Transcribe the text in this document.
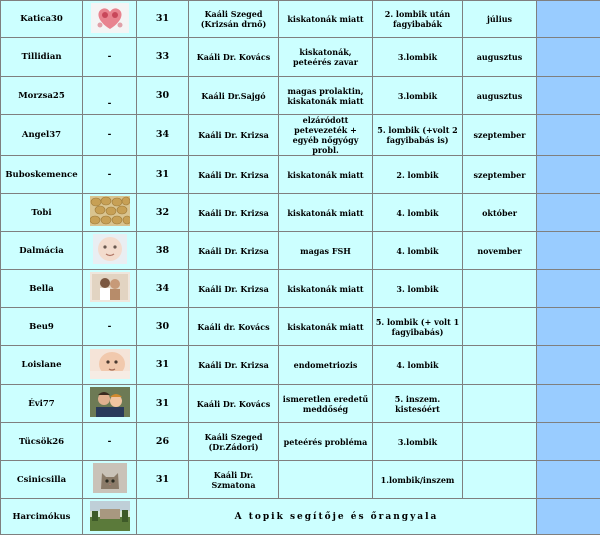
Katica30		31	Kaáli Szeged (Krizsán drnő)	kiskatonák miatt	2. lombik után fagyibabák	július	
Tillidian	-	33	Kaáli Dr. Kovács	kiskatonák, peteérés zavar	3.lombik	augusztus	
Morzsa25	-	30	Kaáli Dr.Sajgó	magas prolaktin, kiskatonák miatt	3.lombik	augusztus	
Angel37	-	34	Kaáli Dr. Krizsa	elzáródott petevezeték + egyéb nőgyógy probl.	5. lombik (+volt 2 fagyibabás is)	szeptember	
Buboskemence	-	31	Kaáli Dr. Krizsa	kiskatonák miatt	2. lombik	szeptember	
Tobi		32	Kaáli Dr. Krizsa	kiskatonák miatt	4. lombik	október	
Dalmácia		38	Kaáli Dr. Krizsa	magas FSH	4. lombik	november	
Bella		34	Kaáli Dr. Krizsa	kiskatonák miatt	3. lombik		
Beu9	-	30	Kaáli dr. Kovács	kiskatonák miatt	5. lombik (+ volt 1 fagyibabás)		
Loislane		31	Kaáli Dr. Krizsa	endometriozis	4. lombik		
Évi77		31	Kaáli Dr. Kovács	ismeretlen eredetű meddőség	5. inszem. kistesóért		
Tücsök26	-	26	Kaáli Szeged (Dr.Zádori)	peteérés probléma	3.lombik		
Csinicsilla		31	Kaáli Dr. Szmatona		1.lombik/inszem		
Harcimókus		A topik segítője és őrangyala					
